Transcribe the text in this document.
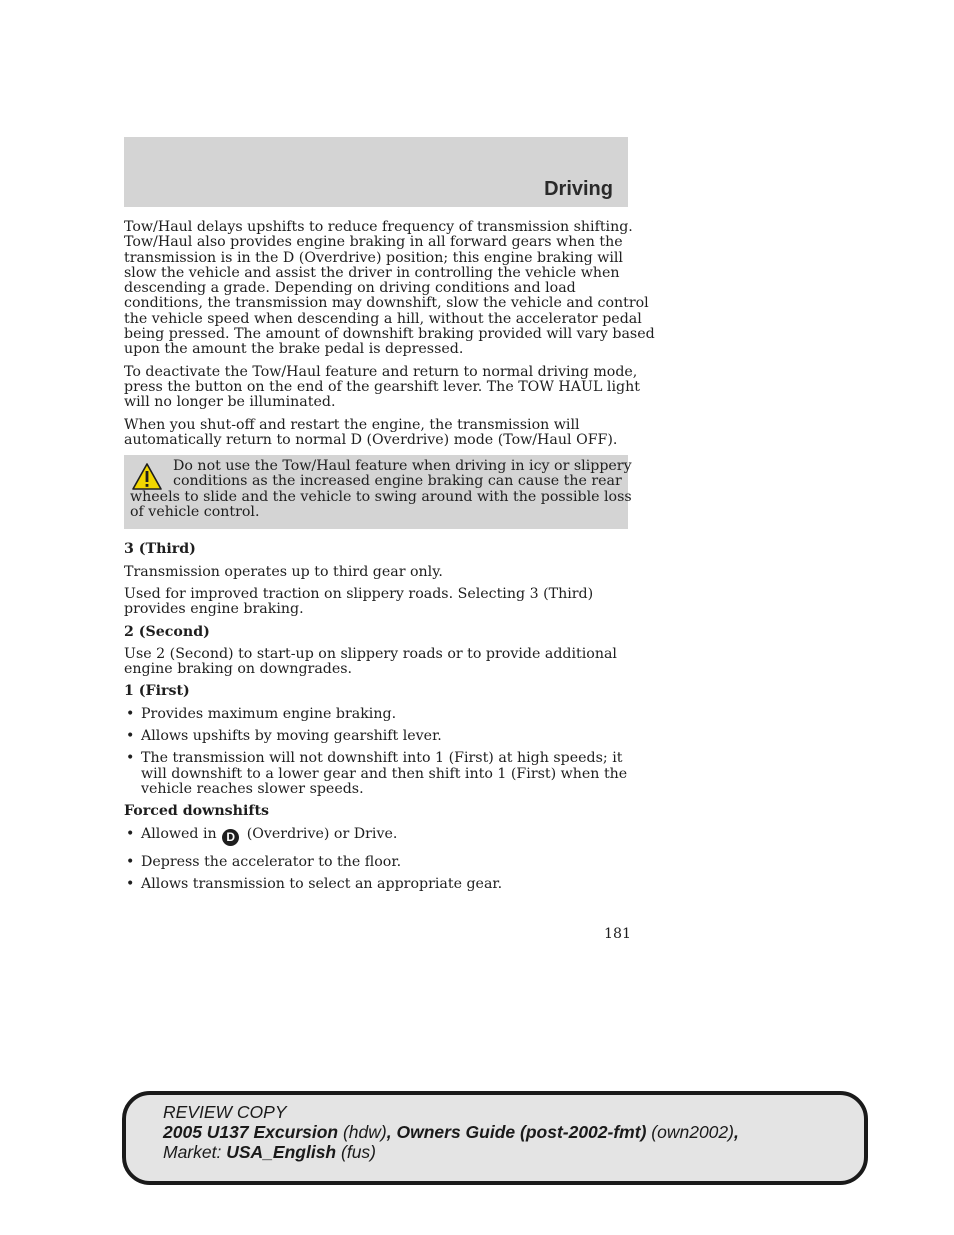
Driving

Tow/Haul delays upshifts to reduce frequency of transmission shifting.
Tow/Haul also provides engine braking in all forward gears when the
transmission is in the D (Overdrive) position; this engine braking will
slow the vehicle and assist the driver in controlling the vehicle when
descending a grade. Depending on driving conditions and load
conditions, the transmission may downshift, slow the vehicle and control
the vehicle speed when descending a hill, without the accelerator pedal
being pressed. The amount of downshift braking provided will vary based
upon the amount the brake pedal is depressed.

To deactivate the Tow/Haul feature and return to normal driving mode,
press the button on the end of the gearshift lever. The TOW HAUL light
will no longer be illuminated.

When you shut-off and restart the engine, the transmission will
automatically return to normal D (Overdrive) mode (Tow/Haul OFF).

Do not use the Tow/Haul feature when driving in icy or slippery
conditions as the increased engine braking can cause the rear
wheels to slide and the vehicle to swing around with the possible loss
of vehicle control.
3 (Third)

Transmission operates up to third gear only.

Used for improved traction on slippery roads. Selecting 3 (Third)
provides engine braking.

2 (Second)

Use 2 (Second) to start-up on slippery roads or to provide additional
engine braking on downgrades.

1 (First)
• Provides maximum engine braking.
• Allows upshifts by moving gearshift lever.
• The transmission will not downshift into 1 (First) at high speeds; it
will downshift to a lower gear and then shift into 1 (First) when the
vehicle reaches slower speeds.
Forced downshifts
• Allowed in D (Overdrive) or Drive.
• Depress the accelerator to the floor.
• Allows transmission to select an appropriate gear.
181
REVIEW COPY
2005 U137 Excursion (hdw), Owners Guide (post-2002-fmt) (own2002),
Market: USA_English (fus)
